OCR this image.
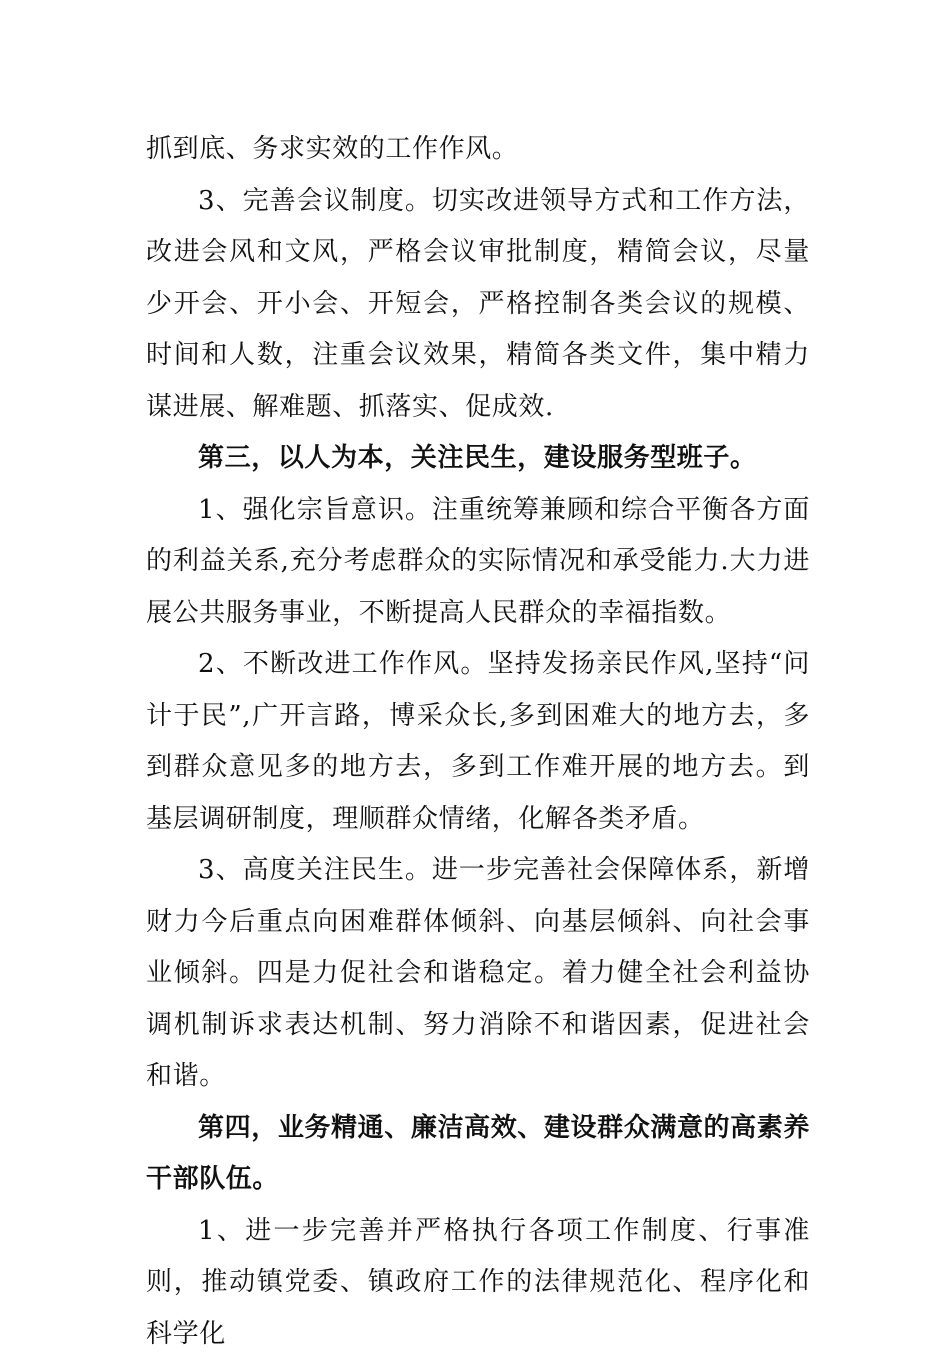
抓到底、务求实效的工作作风。

3、完善会议制度。切实改进领导方式和工作方法，改进会风和文风，严格会议审批制度，精简会议，尽量少开会、开小会、开短会，严格控制各类会议的规模、时间和人数，注重会议效果，精简各类文件，集中精力谋进展、解难题、抓落实、促成效.

第三，以人为本，关注民生，建设服务型班子。

1、强化宗旨意识。注重统筹兼顾和综合平衡各方面的利益关系,充分考虑群众的实际情况和承受能力.大力进展公共服务事业，不断提高人民群众的幸福指数。

2、不断改进工作作风。坚持发扬亲民作风,坚持“问计于民”,广开言路，博采众长,多到困难大的地方去，多到群众意见多的地方去，多到工作难开展的地方去。到基层调研制度，理顺群众情绪，化解各类矛盾。

3、高度关注民生。进一步完善社会保障体系，新增财力今后重点向困难群体倾斜、向基层倾斜、向社会事业倾斜。四是力促社会和谐稳定。着力健全社会利益协调机制诉求表达机制、努力消除不和谐因素，促进社会和谐。

第四，业务精通、廉洁高效、建设群众满意的高素养干部队伍。

1、进一步完善并严格执行各项工作制度、行事准则，推动镇党委、镇政府工作的法律规范化、程序化和科学化
